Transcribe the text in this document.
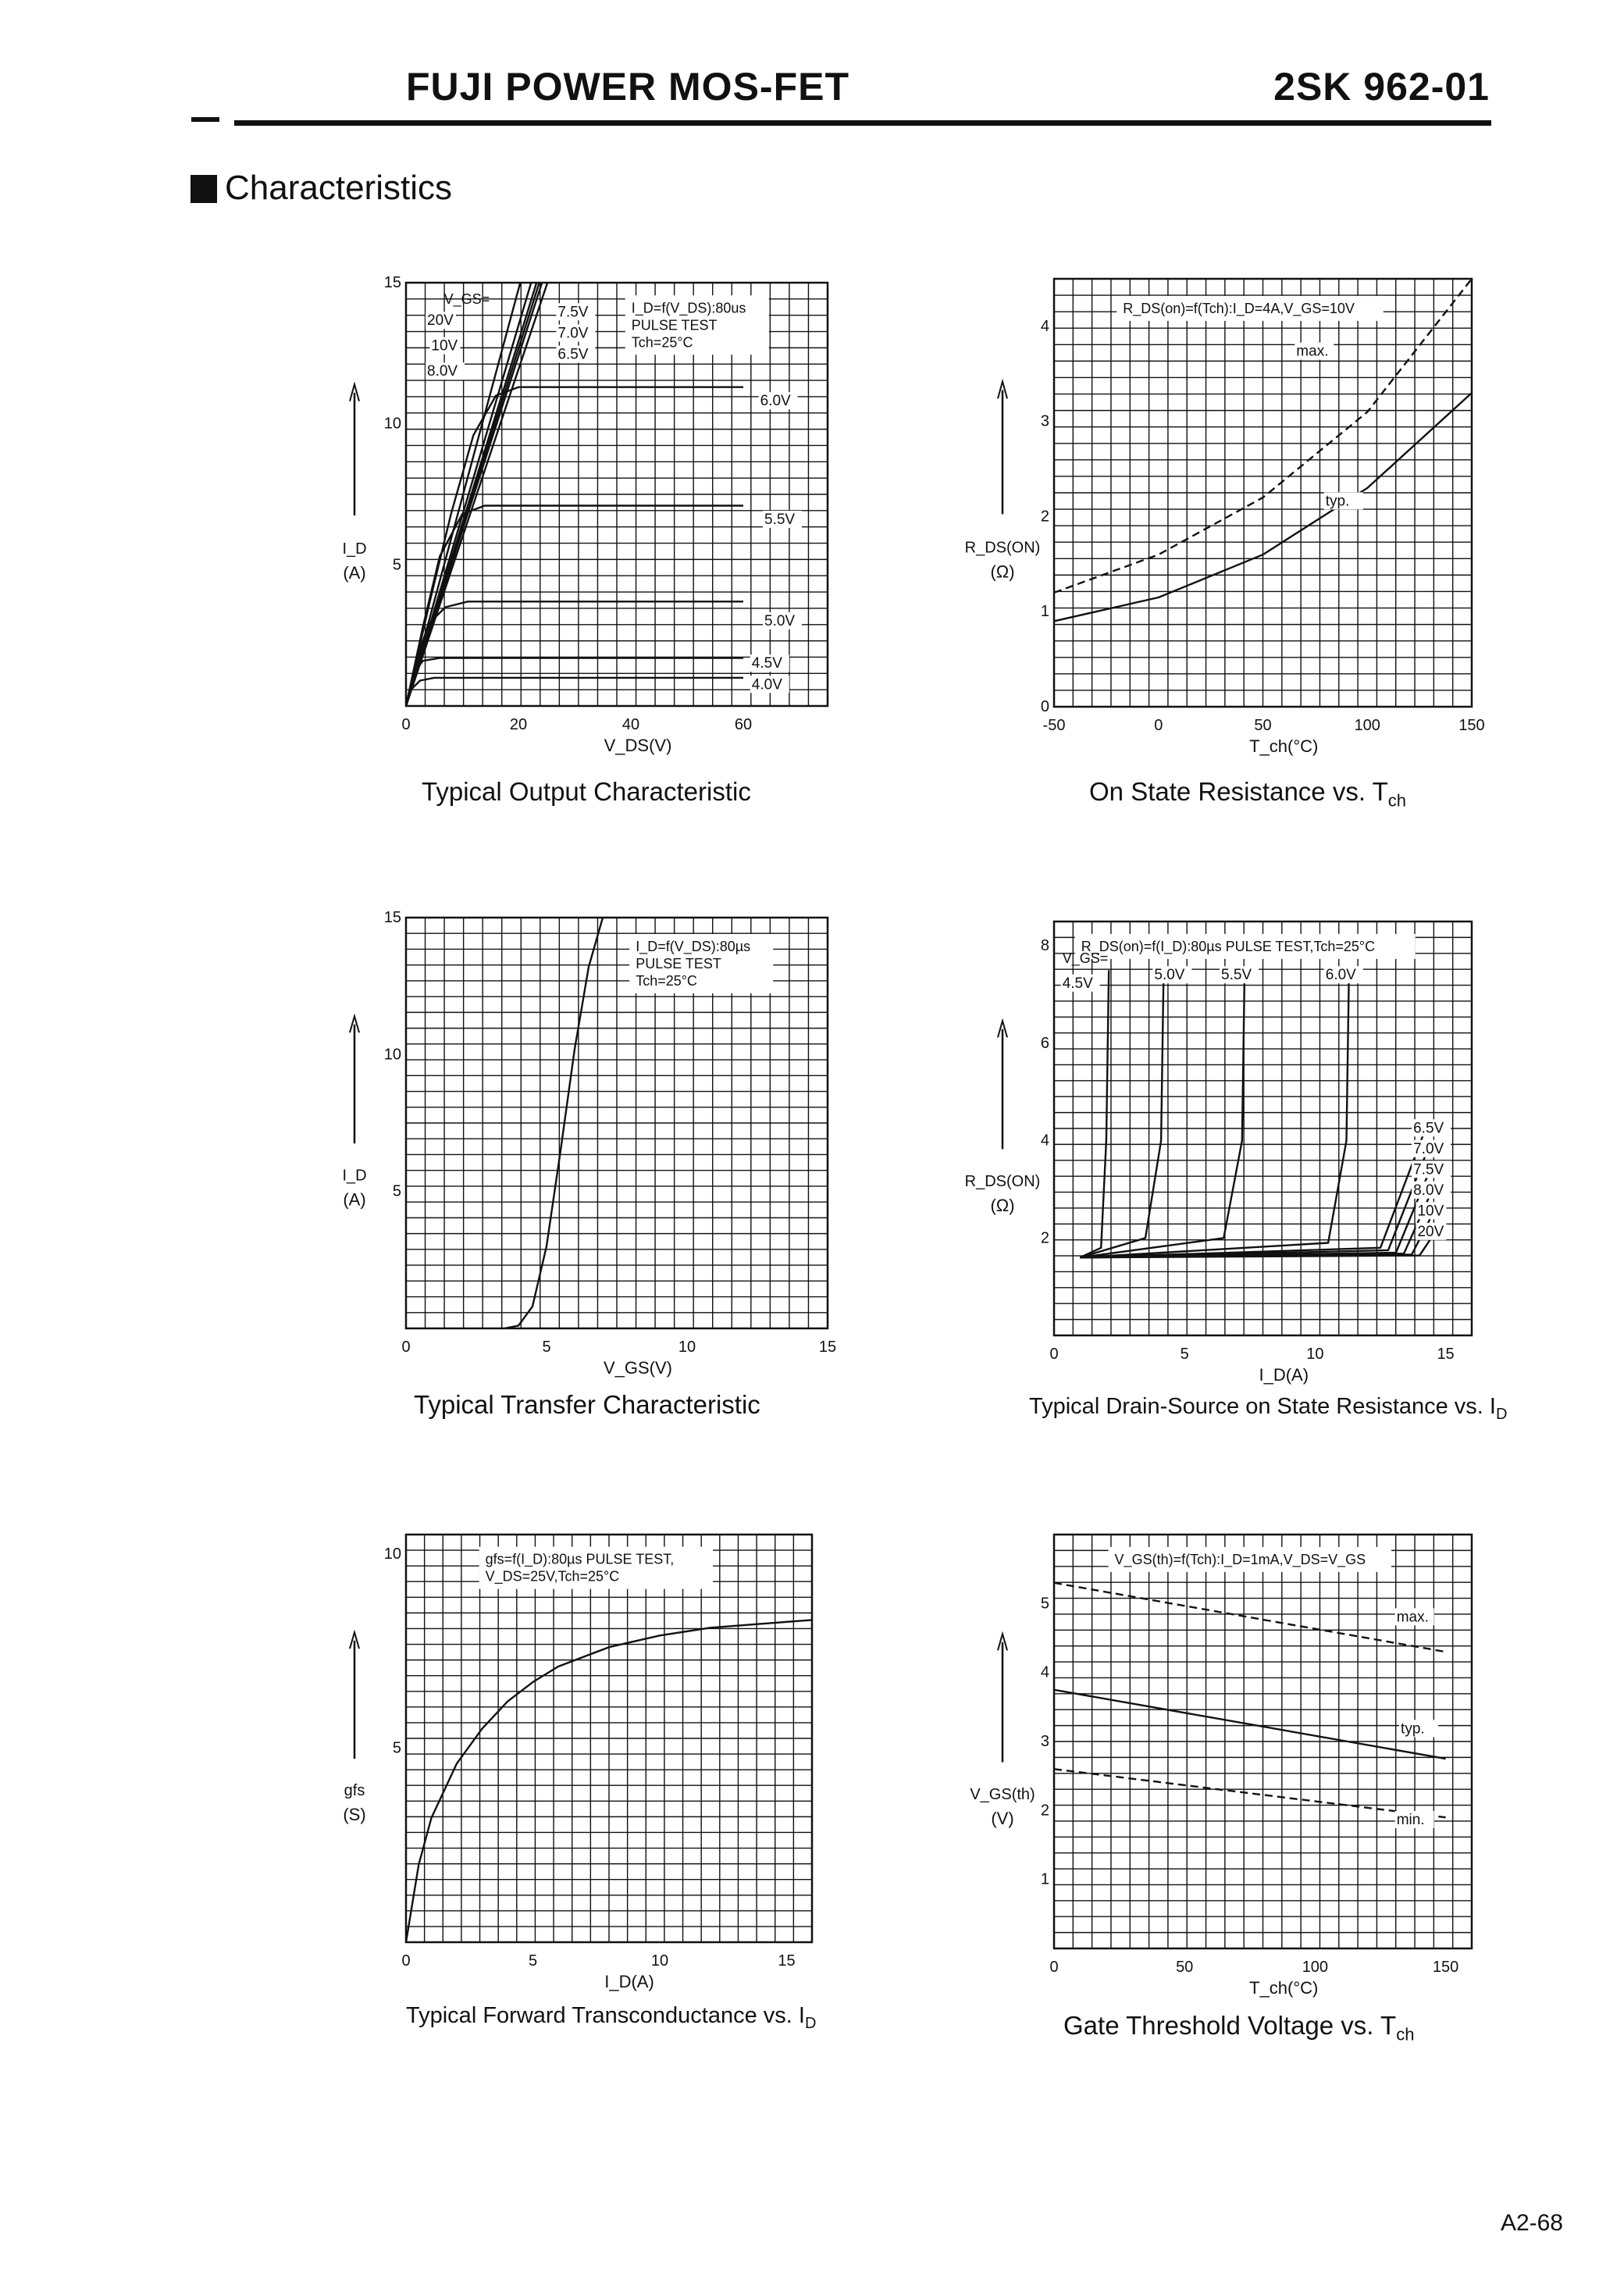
FUJI POWER MOS-FET	2SK 962-01
Characteristics
0	20	40	60
5
10
15
V_DS(V)
I_D
(A)
I_D=f(V_DS):80us
PULSE TEST
Tch=25°C
V_GS=
20V
10V
8.0V
7.5V
7.0V
6.5V
6.0V
5.5V
5.0V
4.5V
4.0V
-50	0	50	100	150
0
1
2
3
4
T_ch(°C)
R_DS(ON)
(Ω)
R_DS(on)=f(Tch):I_D=4A,V_GS=10V
max.
typ.
0	5	10	15
5
10
15
V_GS(V)
I_D
(A)
I_D=f(V_DS):80µs
PULSE TEST
Tch=25°C
0	5	10	15
2
4
6
8
I_D(A)
R_DS(ON)
(Ω)
R_DS(on)=f(I_D):80µs PULSE TEST,Tch=25°C
V_GS=
4.5V
5.0V 5.5V	6.0V
6.5V
7.0V
7.5V
8.0V
10V
20V
0	5	10	15
5
10
I_D(A)
gfs
(S)
gfs=f(I_D):80µs PULSE TEST,
V_DS=25V,Tch=25°C
0	50	100	150
1
2
3
4
5
T_ch(°C)
V_GS(th)
(V)
V_GS(th)=f(Tch):I_D=1mA,V_DS=V_GS
max.
typ.
min.
Typical Output Characteristic	On State Resistance vs. $T_{ch}$
Typical Transfer Characteristic	Typical Drain-Source on State Resistance vs. $I_D$
Typical Forward Transconductance vs. $I_D$	Gate Threshold Voltage vs. $T_{ch}$
A2-68
